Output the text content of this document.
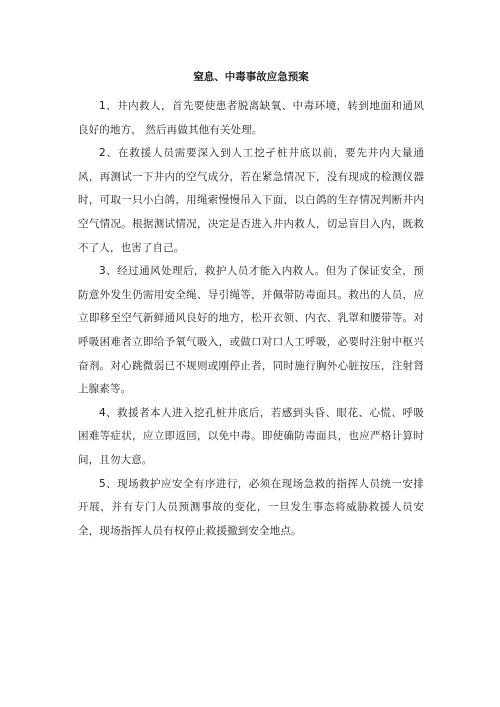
窒息、中毒事故应急预案

1、井内救人，首先要使患者脱离缺氧、中毒环境，转到地面和通风良好的地方， 然后再做其他有关处理。

2、在救援人员需要深入到人工挖孑桩井底以前，要先井内大量通风，再测试一下井内的空气成分，若在紧急情况下，没有现成的检测仪器时，可取一只小白鸽，用绳索慢慢吊入下面，以白鸽的生存情况判断井内空气情况。根据测试情况，决定是否进入井内救人，切忌盲目入内，既救不了人，也害了自己。

3、经过通风处理后，救护人员才能入内救人。但为了保证安全，预防意外发生仍需用安全绳、导引绳等，并佩带防毒面具。救出的人员，应立即移至空气新鲜通风良好的地方，松开衣领、内衣、乳罩和腰带等。对呼吸困难者立即给予氧气吸入，或做口对口人工呼吸，必要时注射中枢兴奋剂。对心跳微弱已不规则或刚停止者，同时施行胸外心脏按压，注射肾上腺素等。

4、救援者本人进入挖孔桩井底后，若感到头昏、眼花、心慌、呼吸困难等症状，应立即返回，以免中毒。即使确防毒面具，也应严格计算时间，且勿大意。

5、现场救护应安全有序进行，必须在现场急救的指挥人员统一安排开展，并有专门人员预测事故的变化，一旦发生事态将威胁救援人员安全，现场指挥人员有权停止救援撤到安全地点。
